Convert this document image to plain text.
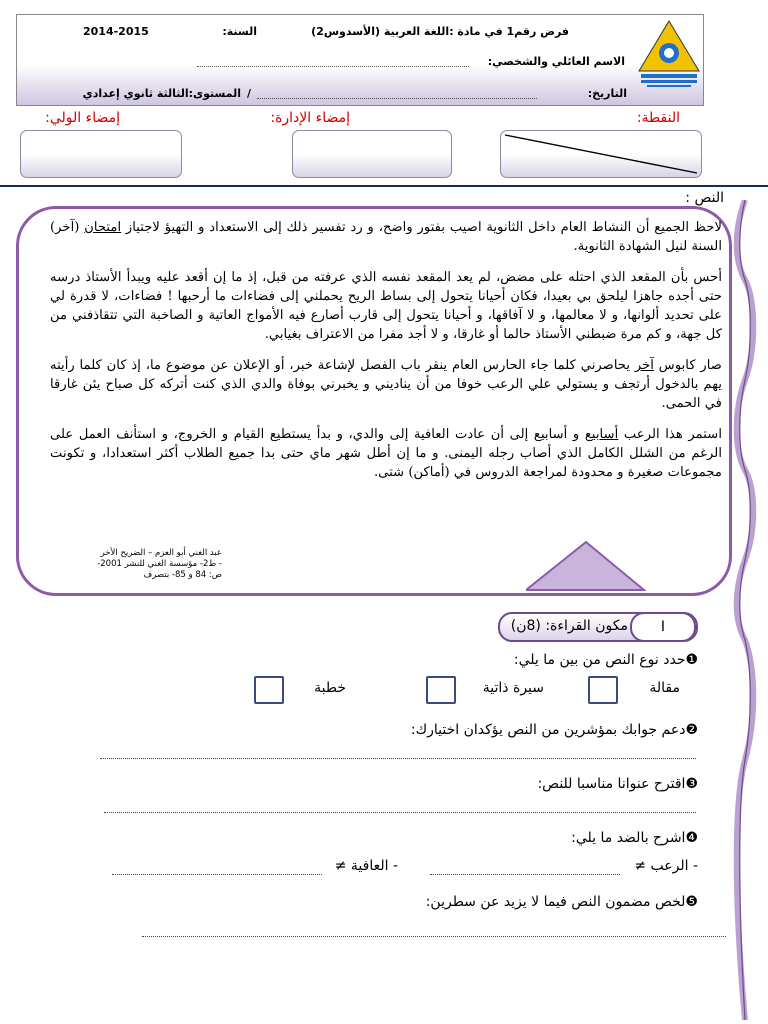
فرض رقم1 في مادة :اللغة العربية (الأسدوس2)
السنة:
2014-2015
الاسم العائلي والشخصي:
التاريخ:
/
المستوى:الثالثة ثانوي إعدادي
النقطة:
إمضاء الإدارة:
إمضاء الولي:
النص :

لاحظ الجميع أن النشاط العام داخل الثانوية اصيب بفتور واضح، و رد تفسير ذلك إلى الاستعداد و التهيؤ لاجتياز امتحان (آخر) السنة لنيل الشهادة الثانوية.

أحس بأن المقعد الذي احتله على مضض، لم يعد المقعد نفسه الذي عرفته من قبل، إذ ما إن أقعد عليه ويبدأ الأستاذ درسه حتى أجده جاهزا ليلحق بي بعيدا، فكان أحيانا يتحول إلى بساط الريح يحملني إلى فضاءات ما أرحبها ! فضاءات، لا قدرة لي على تحديد ألوانها، و لا معالمها، و لا آفاقها، و أحيانا يتحول إلى قارب أصارع فيه الأمواج العاتية و الصاخبة التي تتقاذفني من كل جهة، و كم مرة ضبطني الأستاذ حالما أو غارقا، و لا أجد مفرا من الاعتراف بغيابي.

صار كابوس آخر يحاصرني كلما جاء الحارس العام ينقر باب الفصل لإشاعة خبر، أو الإعلان عن موضوع ما، إذ كان كلما رأيته يهم بالدخول أرتجف و يستولي علي الرعب خوفا من أن يناديني و يخبرني بوفاة والدي الذي كنت أتركه كل صباح يئن غارقا في الحمى.

استمر هذا الرعب أسابيع و أسابيع إلى أن عادت العافية إلى والدي، و بدأ يستطيع القيام و الخروج، و استأنف العمل على الرغم من الشلل الكامل الذي أصاب رجله اليمنى. و ما إن أطل شهر ماي حتى بدا جميع الطلاب أكثر استعدادا، و تكونت مجموعات صغيرة و محدودة لمراجعة الدروس في (أماكن) شتى.

عبد الغني أبو العزم – الضريح الأخر
- ط2- مؤسسة الغني للنشر 2001-
ص: 84 و 85- بتصرف
مكون القراءة: (8ن)	I
❶حدد نوع النص من بين ما يلي:
مقالة
سيرة ذاتية
خطبة
❷دعم جوابك بمؤشرين من النص يؤكدان اختيارك:
❸اقترح عنوانا مناسبا للنص:
❹اشرح بالضد ما يلي:
- الرعب ≠
- العافية ≠
❺لخص مضمون النص فيما لا يزيد عن سطرين:
